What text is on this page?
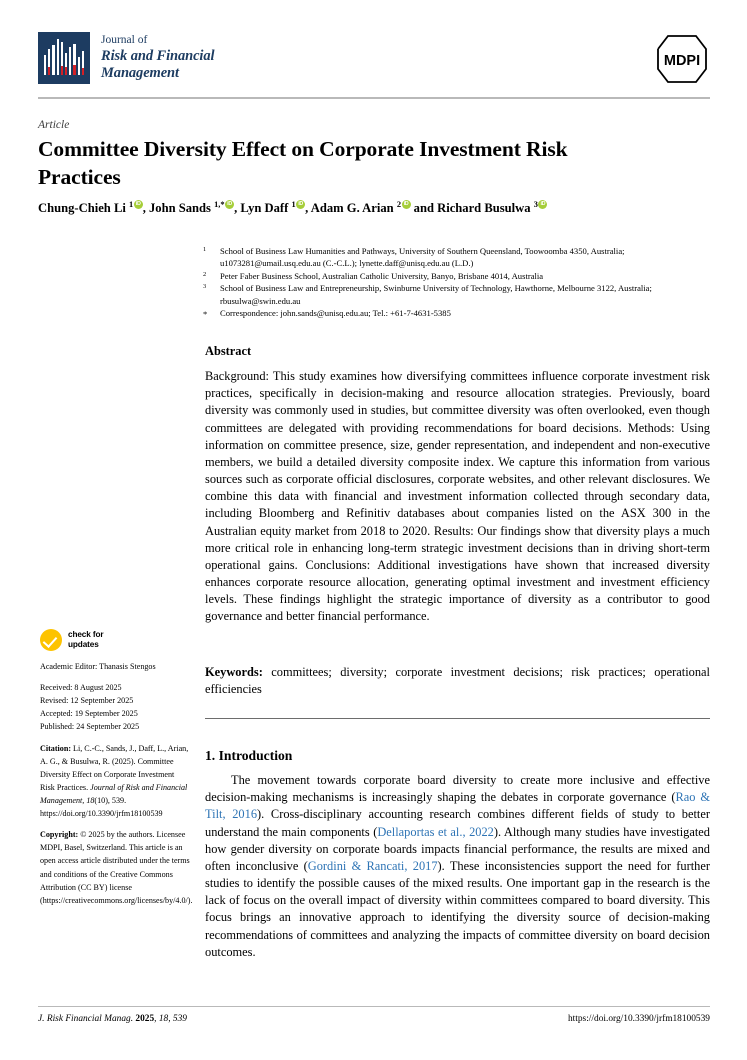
Journal of
Risk and Financial
Management
MDPI
Article
Committee Diversity Effect on Corporate Investment Risk Practices
Chung-Chieh Li $^1$ iD , John Sands $^{1,*}$ iD , Lyn Daff $^1$ iD , Adam G. Arian $^2$iD and Richard Busulwa $^3$iD
1	School of Business Law Humanities and Pathways, University of Southern Queensland, Toowoomba 4350, Australia; u1073281@umail.usq.edu.au (C.-C.L.); lynette.daff@unisq.edu.au (L.D.)
2	Peter Faber Business School, Australian Catholic University, Banyo, Brisbane 4014, Australia
3	School of Business Law and Entrepreneurship, Swinburne University of Technology, Hawthorne, Melbourne 3122, Australia; rbusulwa@swin.edu.au
*	Correspondence: john.sands@unisq.edu.au; Tel.: +61-7-4631-5385
Abstract
Background: This study examines how diversifying committees influence corporate investment risk practices, specifically in decision-making and resource allocation strategies. Previously, board diversity was commonly used in studies, but committee diversity was often overlooked, even though committees are delegated with providing recommendations for board decisions. Methods: Using information on committee presence, size, gender representation, and independent and non-executive members, we build a detailed diversity composite index. We capture this information from various sources such as corporate official disclosures, corporate websites, and other relevant disclosures. We combine this data with financial and investment information collected through secondary data, including Bloomberg and Refinitiv databases about companies listed on the ASX 300 in the Australian equity market from 2018 to 2020. Results: Our findings show that diversity plays a much more critical role in enhancing long-term strategic investment decisions than in driving short-term operational gains. Conclusions: Additional investigations have shown that increased diversity enhances corporate resource allocation, generating optimal investment and investment efficiency levels. These findings highlight the strategic importance of diversity as a contributor to good governance and better financial performance.
Keywords: committees; diversity; corporate investment decisions; risk practices; operational efficiencies
1. Introduction

The movement towards corporate board diversity to create more inclusive and effective decision-making mechanisms is increasingly shaping the debates in corporate governance (Rao & Tilt, 2016). Cross-disciplinary accounting research combines different fields of study to better understand the main components (Dellaportas et al., 2022). Although many studies have investigated how gender diversity on corporate boards impacts financial performance, the results are mixed and often inconclusive (Gordini & Rancati, 2017). These inconsistencies support the need for further studies to identify the possible causes of the mixed results. One important gap in the research is the lack of focus on the overall impact of diversity within committees compared to board diversity. This focus brings an innovative approach to identifying the diversity source of decision-making recommendations of committees and analyzing the impacts of committee diversity on board decision outcomes.

check for
updates
Academic Editor: Thanasis Stengos
Received: 8 August 2025
Revised: 12 September 2025
Accepted: 19 September 2025
Published: 24 September 2025
Citation: Li, C.-C., Sands, J., Daff, L., Arian, A. G., & Busulwa, R. (2025). Committee Diversity Effect on Corporate Investment Risk Practices. Journal of Risk and Financial Management, 18(10), 539. https://doi.org/10.3390/jrfm18100539
Copyright: © 2025 by the authors. Licensee MDPI, Basel, Switzerland. This article is an open access article distributed under the terms and conditions of the Creative Commons Attribution (CC BY) license (https://creativecommons.org/licenses/by/4.0/).
J. Risk Financial Manag. 2025, 18, 539	https://doi.org/10.3390/jrfm18100539
